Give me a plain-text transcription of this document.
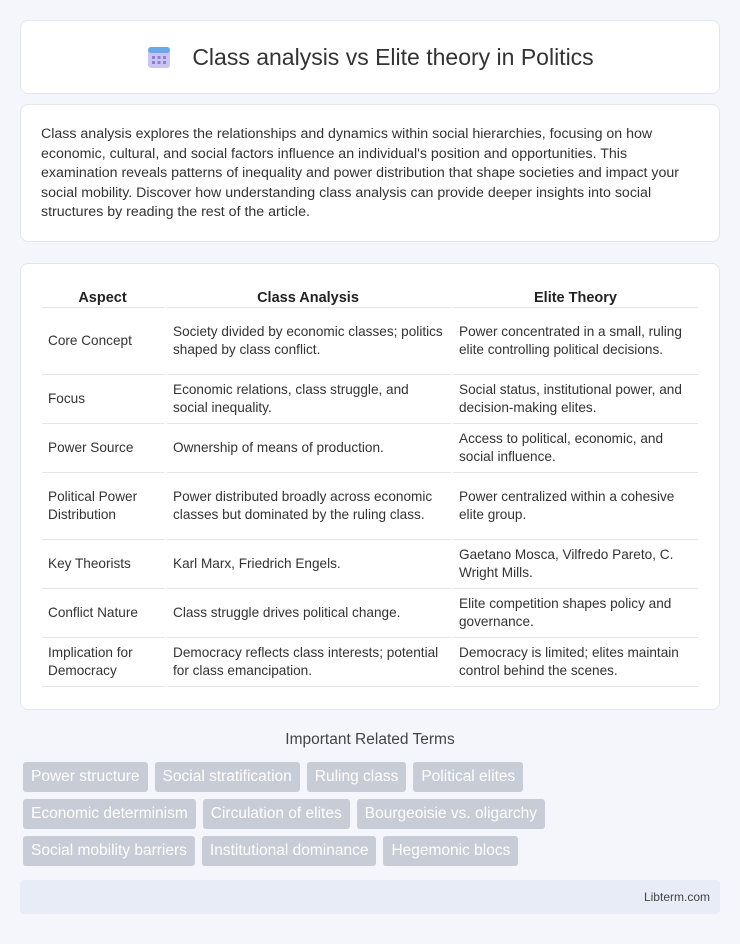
Class analysis vs Elite theory in Politics

Class analysis explores the relationships and dynamics within social hierarchies, focusing on how economic, cultural, and social factors influence an individual's position and opportunities. This examination reveals patterns of inequality and power distribution that shape societies and impact your social mobility. Discover how understanding class analysis can provide deeper insights into social structures by reading the rest of the article.

Aspect	Class Analysis	Elite Theory
Core Concept	Society divided by economic classes; politics shaped by class conflict.	Power concentrated in a small, ruling elite controlling political decisions.
Focus	Economic relations, class struggle, and social inequality.	Social status, institutional power, and decision-making elites.
Power Source	Ownership of means of production.	Access to political, economic, and social influence.
Political Power Distribution	Power distributed broadly across economic classes but dominated by the ruling class.	Power centralized within a cohesive elite group.
Key Theorists	Karl Marx, Friedrich Engels.	Gaetano Mosca, Vilfredo Pareto, C. Wright Mills.
Conflict Nature	Class struggle drives political change.	Elite competition shapes policy and governance.
Implication for Democracy	Democracy reflects class interests; potential for class emancipation.	Democracy is limited; elites maintain control behind the scenes.
Important Related Terms
Power structure	Social stratification	Ruling class	Political elites
Economic determinism	Circulation of elites	Bourgeoisie vs. oligarchy
Social mobility barriers	Institutional dominance	Hegemonic blocs
Libterm.com
